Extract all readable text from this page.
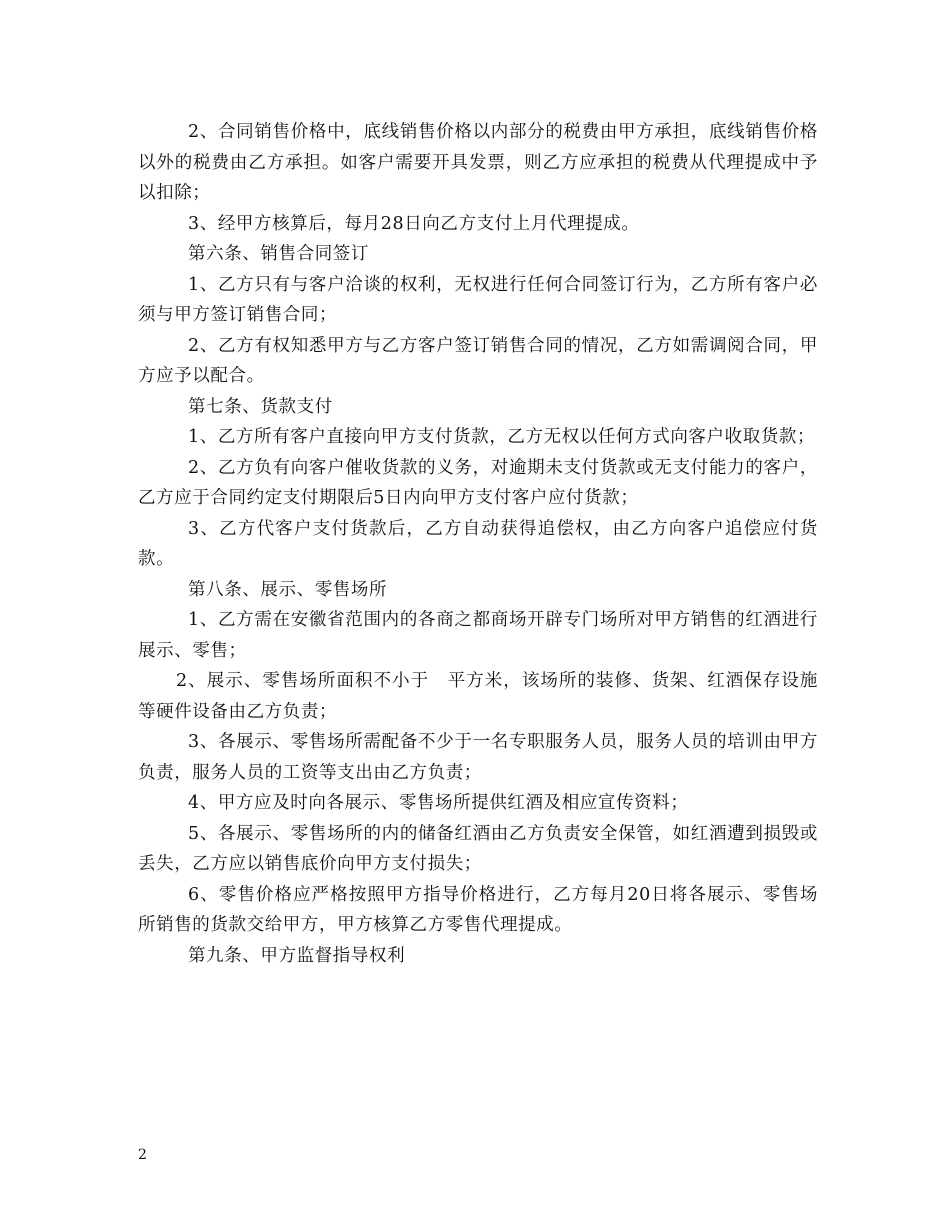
2、合同销售价格中，底线销售价格以内部分的税费由甲方承担，底线销售价格以外的税费由乙方承担。如客户需要开具发票，则乙方应承担的税费从代理提成中予以扣除；

3、经甲方核算后，每月28日向乙方支付上月代理提成。

第六条、销售合同签订

1、乙方只有与客户洽谈的权利，无权进行任何合同签订行为，乙方所有客户必须与甲方签订销售合同；

2、乙方有权知悉甲方与乙方客户签订销售合同的情况，乙方如需调阅合同，甲方应予以配合。

第七条、货款支付

1、乙方所有客户直接向甲方支付货款，乙方无权以任何方式向客户收取货款；

2、乙方负有向客户催收货款的义务，对逾期未支付货款或无支付能力的客户，乙方应于合同约定支付期限后5日内向甲方支付客户应付货款；

3、乙方代客户支付货款后，乙方自动获得追偿权，由乙方向客户追偿应付货款。

第八条、展示、零售场所

1、乙方需在安徽省范围内的各商之都商场开辟专门场所对甲方销售的红酒进行展示、零售；

2、展示、零售场所面积不小于　平方米，该场所的装修、货架、红酒保存设施等硬件设备由乙方负责；

3、各展示、零售场所需配备不少于一名专职服务人员，服务人员的培训由甲方负责，服务人员的工资等支出由乙方负责；

4、甲方应及时向各展示、零售场所提供红酒及相应宣传资料；

5、各展示、零售场所的内的储备红酒由乙方负责安全保管，如红酒遭到损毁或丢失，乙方应以销售底价向甲方支付损失；

6、零售价格应严格按照甲方指导价格进行，乙方每月20日将各展示、零售场所销售的货款交给甲方，甲方核算乙方零售代理提成。

第九条、甲方监督指导权利

2
